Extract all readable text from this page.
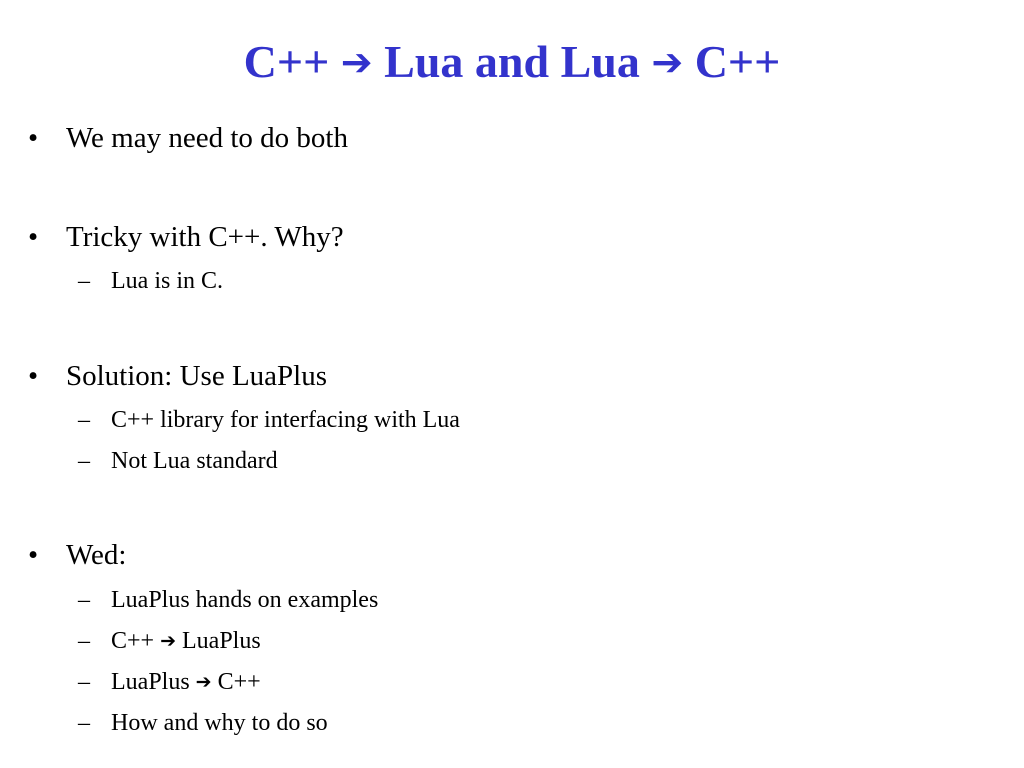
C++ ➔ Lua and Lua ➔ C++
• We may need to do both
• Tricky with C++. Why?
– Lua is in C.
• Solution: Use LuaPlus
– C++ library for interfacing with Lua
– Not Lua standard
• Wed:
– LuaPlus hands on examples
– C++ ➔ LuaPlus
– LuaPlus ➔ C++
– How and why to do so
